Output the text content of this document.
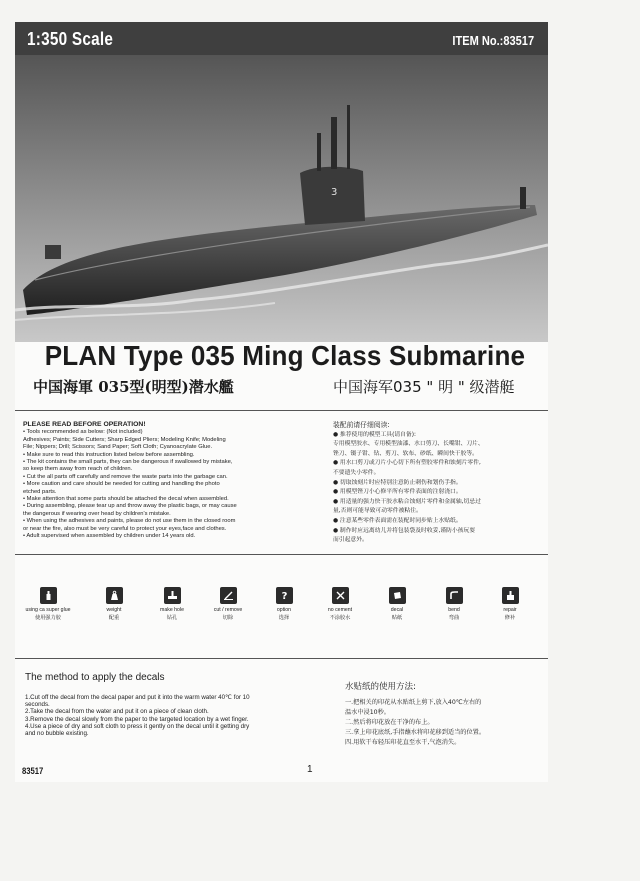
1:350 Scale	ITEM No.:83517
3
PLAN Type 035 Ming Class Submarine
中国海軍 035型(明型)潜水艦	中国海军035 " 明 " 级潜艇
PLEASE READ BEFORE OPERATION!
• Tools recommended as below: (Not included)
Adhesives; Paints; Side Cutters; Sharp Edged Pliers; Modeling Knife; Modeling
File; Nippers; Drill; Scissors; Sand Paper; Soft Cloth; Cyanoacrylate Glue.
• Make sure to read this instruction listed below before assembling.
• The kit contains the small parts, they can be dangerous if swallowed by mistake,
so keep them away from reach of children.
• Cut the all parts off carefully and remove the waste parts into the garbage can.
• More caution and care should be needed for cutting and handling the photo
etched parts.
• Make attention that some parts should be attached the decal when assembled.
• During assembling, please tear up and throw away the plastic bags, or may cause
the dangerous if wearing over head by children's mistake.
• When using the adhesives and paints, please do not use them in the closed room
or near the fire, also must be very careful to protect your eyes,face and clothes.
• Adult supervised when assembled by children under 14 years old.
装配前请仔细阅读:
● 推荐使用的模型工具(请自备):
专用模型胶水、专用模型油漆、水口剪刀、长嘴钳、刀片、
锉刀、镊子钳、钻、剪刀、软布、砂纸、瞬间快干胶等。
● 用水口剪刀或刀片小心切下所有塑胶零件和蚀刻片零件,
不要遗失小零件。
● 切取蚀刻片时应特别注意防止刺伤和划伤手指。
● 用模型锉刀小心修平所有零件表面的注射浇口。
● 用适量的强力快干胶水粘合蚀刻片零件和金属轴,切忌过
量,否则可能导致可动零件被粘住。
● 注意某些零件表面需在装配时同步贴上水贴纸。
● 制作时应远离幼儿并将包装袋及时收妥,谨防小孩玩耍
而引起意外。
using ca super glue
使用强力胶
weight
配重
make hole
钻孔
cut / remove
切除
?
option
选择
no cement
不涂胶水
decal
贴纸
bend
弯曲
repair
修补
The method to apply the decals
1.Cut off the decal from the decal paper and put it into the warm water 40℃ for 10
seconds.
2.Take the decal from the water and put it on a piece of clean cloth.
3.Remove the decal slowly from the paper to the targeted location by a wet finger.
4.Use a piece of dry and soft cloth to press it gently on the decal until it getting dry
and no bubble existing.
水贴纸的使用方法:
一.把相关的印花从水贴纸上剪下,放入40℃左右的
温水中浸10秒。
二.然后将印花放在干净的布上。
三.拿上印花底纸,手指蘸水将印花移到适当的位置。
四.用软干布轻压印花直至水干,气泡消失。
83517	1
